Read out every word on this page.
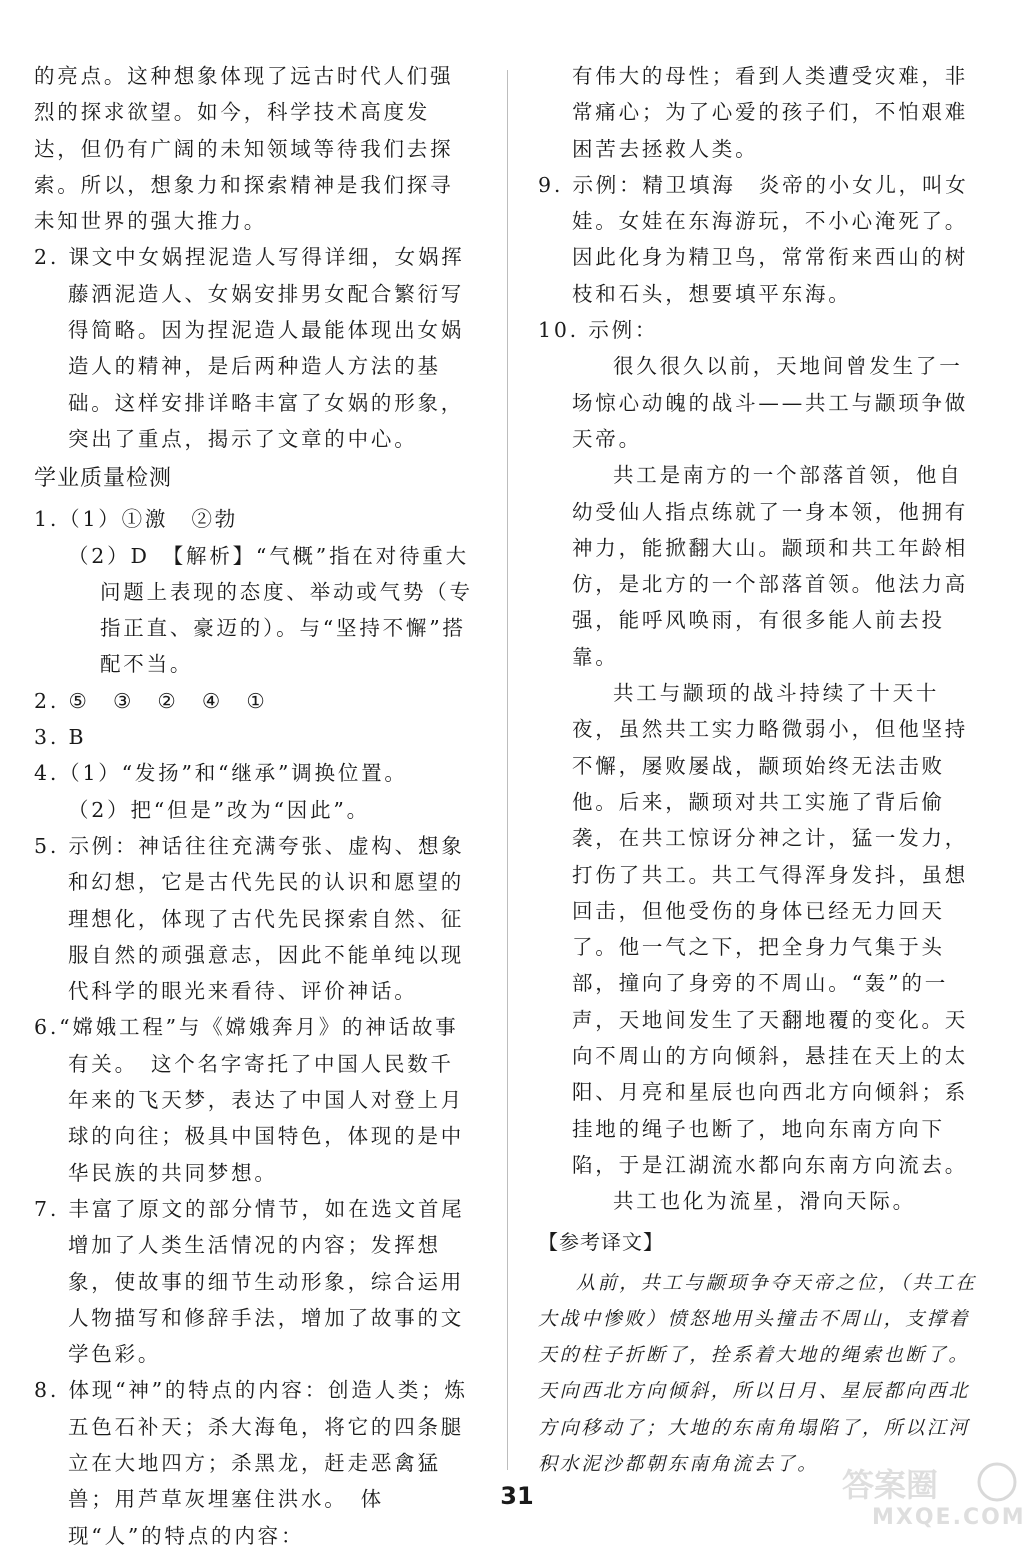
的亮点。这种想象体现了远古时代人们强烈的探求欲望。如今，科学技术高度发达，但仍有广阔的未知领域等待我们去探索。所以，想象力和探索精神是我们探寻未知世界的强大推力。

2. 课文中女娲捏泥造人写得详细，女娲挥藤洒泥造人、女娲安排男女配合繁衍写得简略。因为捏泥造人最能体现出女娲造人的精神，是后两种造人方法的基础。这样安排详略丰富了女娲的形象，突出了重点，揭示了文章的中心。

学业质量检测

1.（1）①激　②勃

（2）D　【解析】“气概”指在对待重大问题上表现的态度、举动或气势（专指正直、豪迈的）。与“坚持不懈”搭配不当。

2. ⑤　③　②　④　①

3. B

4.（1）“发扬”和“继承”调换位置。

（2）把“但是”改为“因此”。

5. 示例：神话往往充满夸张、虚构、想象和幻想，它是古代先民的认识和愿望的理想化，体现了古代先民探索自然、征服自然的顽强意志，因此不能单纯以现代科学的眼光来看待、评价神话。

6.“嫦娥工程”与《嫦娥奔月》的神话故事有关。　这个名字寄托了中国人民数千年来的飞天梦，表达了中国人对登上月球的向往；极具中国特色，体现的是中华民族的共同梦想。

7. 丰富了原文的部分情节，如在选文首尾增加了人类生活情况的内容；发挥想象，使故事的细节生动形象，综合运用人物描写和修辞手法，增加了故事的文学色彩。

8. 体现“神”的特点的内容：创造人类；炼五色石补天；杀大海龟，将它的四条腿立在大地四方；杀黑龙，赶走恶禽猛兽；用芦草灰埋塞住洪水。　体现“人”的特点的内容：

有伟大的母性；看到人类遭受灾难，非常痛心；为了心爱的孩子们，不怕艰难困苦去拯救人类。

9. 示例：精卫填海　炎帝的小女儿，叫女娃。女娃在东海游玩，不小心淹死了。因此化身为精卫鸟，常常衔来西山的树枝和石头，想要填平东海。

10. 示例：

很久很久以前，天地间曾发生了一场惊心动魄的战斗——共工与颛顼争做天帝。

共工是南方的一个部落首领，他自幼受仙人指点练就了一身本领，他拥有神力，能掀翻大山。颛顼和共工年龄相仿，是北方的一个部落首领。他法力高强，能呼风唤雨，有很多能人前去投靠。

共工与颛顼的战斗持续了十天十夜，虽然共工实力略微弱小，但他坚持不懈，屡败屡战，颛顼始终无法击败他。后来，颛顼对共工实施了背后偷袭，在共工惊讶分神之计，猛一发力，打伤了共工。共工气得浑身发抖，虽想回击，但他受伤的身体已经无力回天了。他一气之下，把全身力气集于头部，撞向了身旁的不周山。“轰”的一声，天地间发生了天翻地覆的变化。天向不周山的方向倾斜，悬挂在天上的太阳、月亮和星辰也向西北方向倾斜；系挂地的绳子也断了，地向东南方向下陷，于是江湖流水都向东南方向流去。

共工也化为流星，滑向天际。

【参考译文】

从前，共工与颛顼争夺天帝之位，（共工在大战中惨败）愤怒地用头撞击不周山，支撑着天的柱子折断了，拴系着大地的绳索也断了。天向西北方向倾斜，所以日月、星辰都向西北方向移动了；大地的东南角塌陷了，所以江河积水泥沙都朝东南角流去了。

31	答案圈
MXQE.COM
